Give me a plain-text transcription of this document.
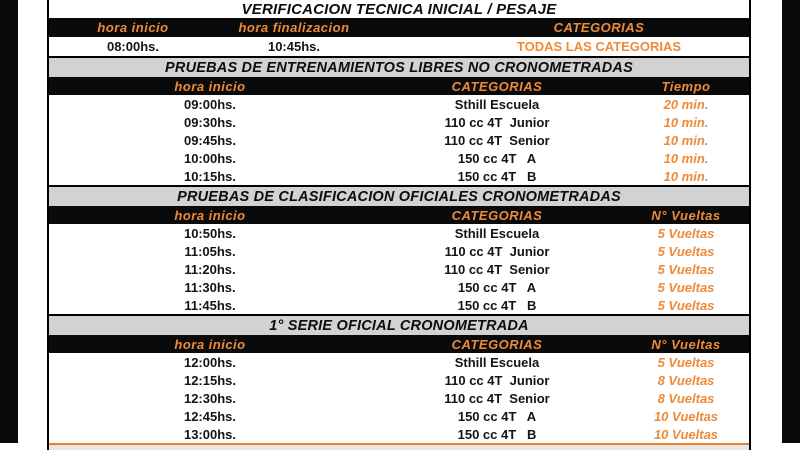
VERIFICACION TECNICA INICIAL / PESAJE
hora inicio	hora finalizacion	CATEGORIAS
08:00hs.	10:45hs.	TODAS LAS CATEGORIAS
PRUEBAS DE ENTRENAMIENTOS LIBRES NO CRONOMETRADAS
hora inicio	CATEGORIAS	Tiempo
09:00hs.	Sthill Escuela	20 min.
09:30hs.	110 cc 4T  Junior	10 min.
09:45hs.	110 cc 4T  Senior	10 min.
10:00hs.	150 cc 4T   A	10 min.
10:15hs.	150 cc 4T   B	10 min.
PRUEBAS DE CLASIFICACION OFICIALES CRONOMETRADAS
hora inicio	CATEGORIAS	N° Vueltas
10:50hs.	Sthill Escuela	5 Vueltas
11:05hs.	110 cc 4T  Junior	5 Vueltas
11:20hs.	110 cc 4T  Senior	5 Vueltas
11:30hs.	150 cc 4T   A	5 Vueltas
11:45hs.	150 cc 4T   B	5 Vueltas
1° SERIE OFICIAL CRONOMETRADA
hora inicio	CATEGORIAS	N° Vueltas
12:00hs.	Sthill Escuela	5 Vueltas
12:15hs.	110 cc 4T  Junior	8 Vueltas
12:30hs.	110 cc 4T  Senior	8 Vueltas
12:45hs.	150 cc 4T   A	10 Vueltas
13:00hs.	150 cc 4T   B	10 Vueltas
